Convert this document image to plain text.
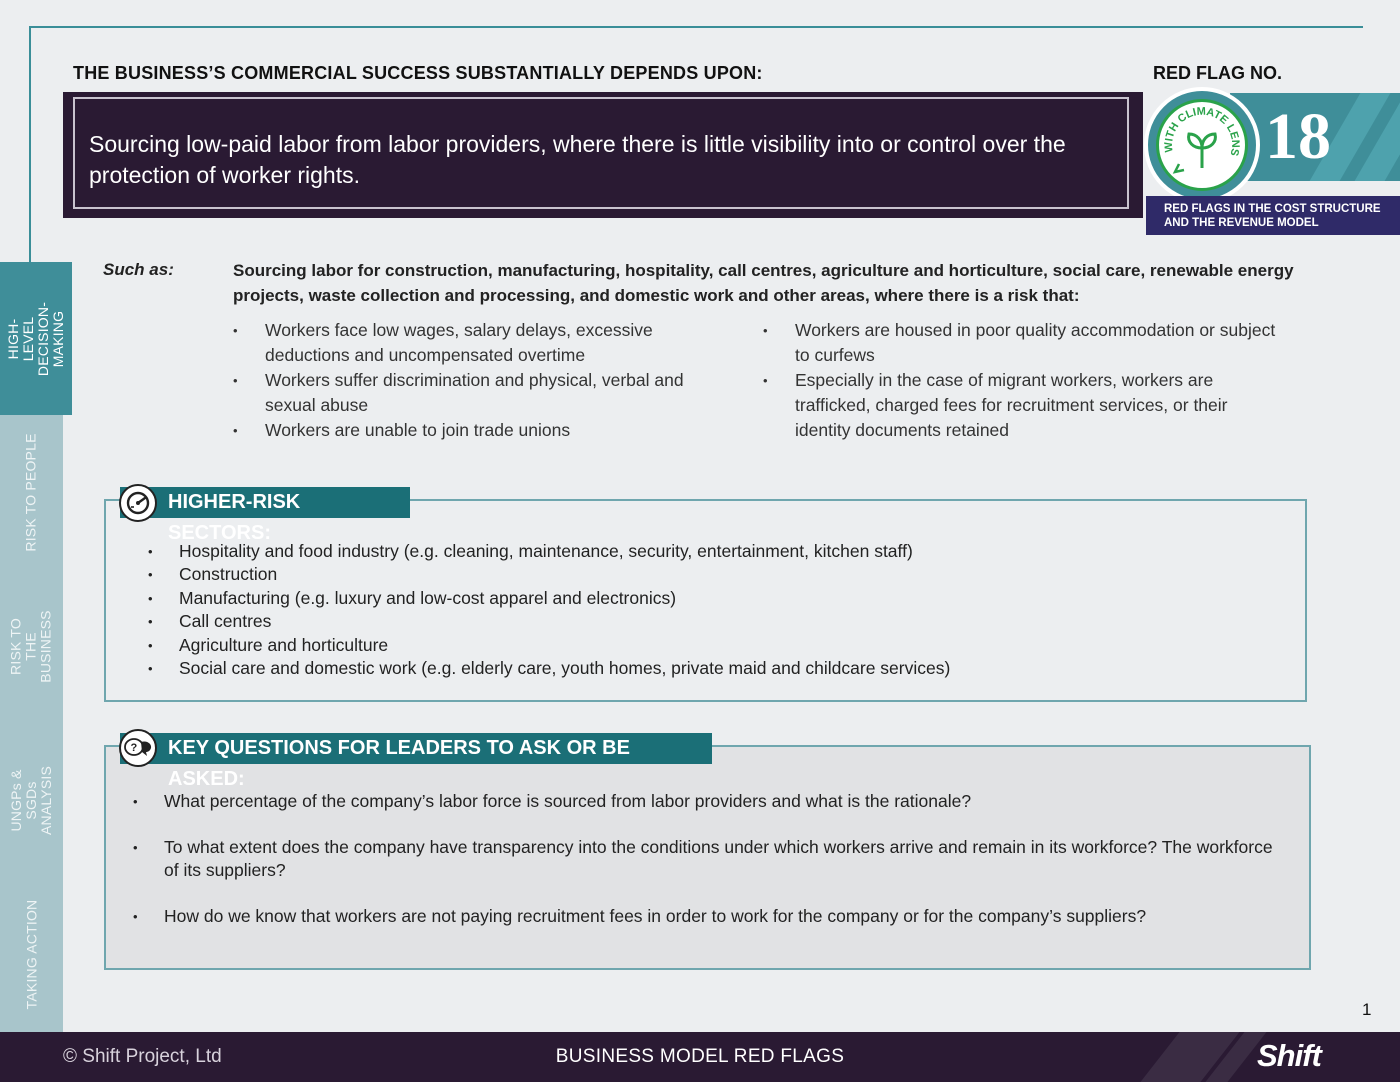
HIGH-LEVEL DECISION-MAKING
RISK TO PEOPLE
RISK TO THE BUSINESS
UNGPs & SGDs ANALYSIS
TAKING ACTION
THE BUSINESS’S COMMERCIAL SUCCESS SUBSTANTIALLY DEPENDS UPON:	RED FLAG NO.
Sourcing low-paid labor from labor providers, where there is little visibility into or control over the protection of worker rights.
18
WITH CLIMATE LENS
RED FLAGS IN THE COST STRUCTURE AND THE REVENUE MODEL
Such as:	Sourcing labor for construction, manufacturing, hospitality, call centres, agriculture and horticulture, social care, renewable energy projects, waste collection and processing, and domestic work and other areas, where there is a risk that:
• Workers face low wages, salary delays, excessive deductions and uncompensated overtime
• Workers suffer discrimination and physical, verbal and sexual abuse
• Workers are unable to join trade unions
• Workers are housed in poor quality accommodation or subject to curfews
• Especially in the case of migrant workers, workers are trafficked, charged fees for recruitment services, or their identity documents retained
HIGHER-RISK SECTORS:
• Hospitality and food industry (e.g. cleaning, maintenance, security, entertainment, kitchen staff)
• Construction
• Manufacturing (e.g. luxury and low-cost apparel and electronics)
• Call centres
• Agriculture and horticulture
• Social care and domestic work (e.g. elderly care, youth homes, private maid and childcare services)
KEY QUESTIONS FOR LEADERS TO ASK OR BE ASKED:
?
• What percentage of the company’s labor force is sourced from labor providers and what is the rationale?
• To what extent does the company have transparency into the conditions under which workers arrive and remain in its workforce? The workforce of its suppliers?
• How do we know that workers are not paying recruitment fees in order to work for the company or for the company’s suppliers?
1
© Shift Project, Ltd	BUSINESS MODEL RED FLAGS	Shift
